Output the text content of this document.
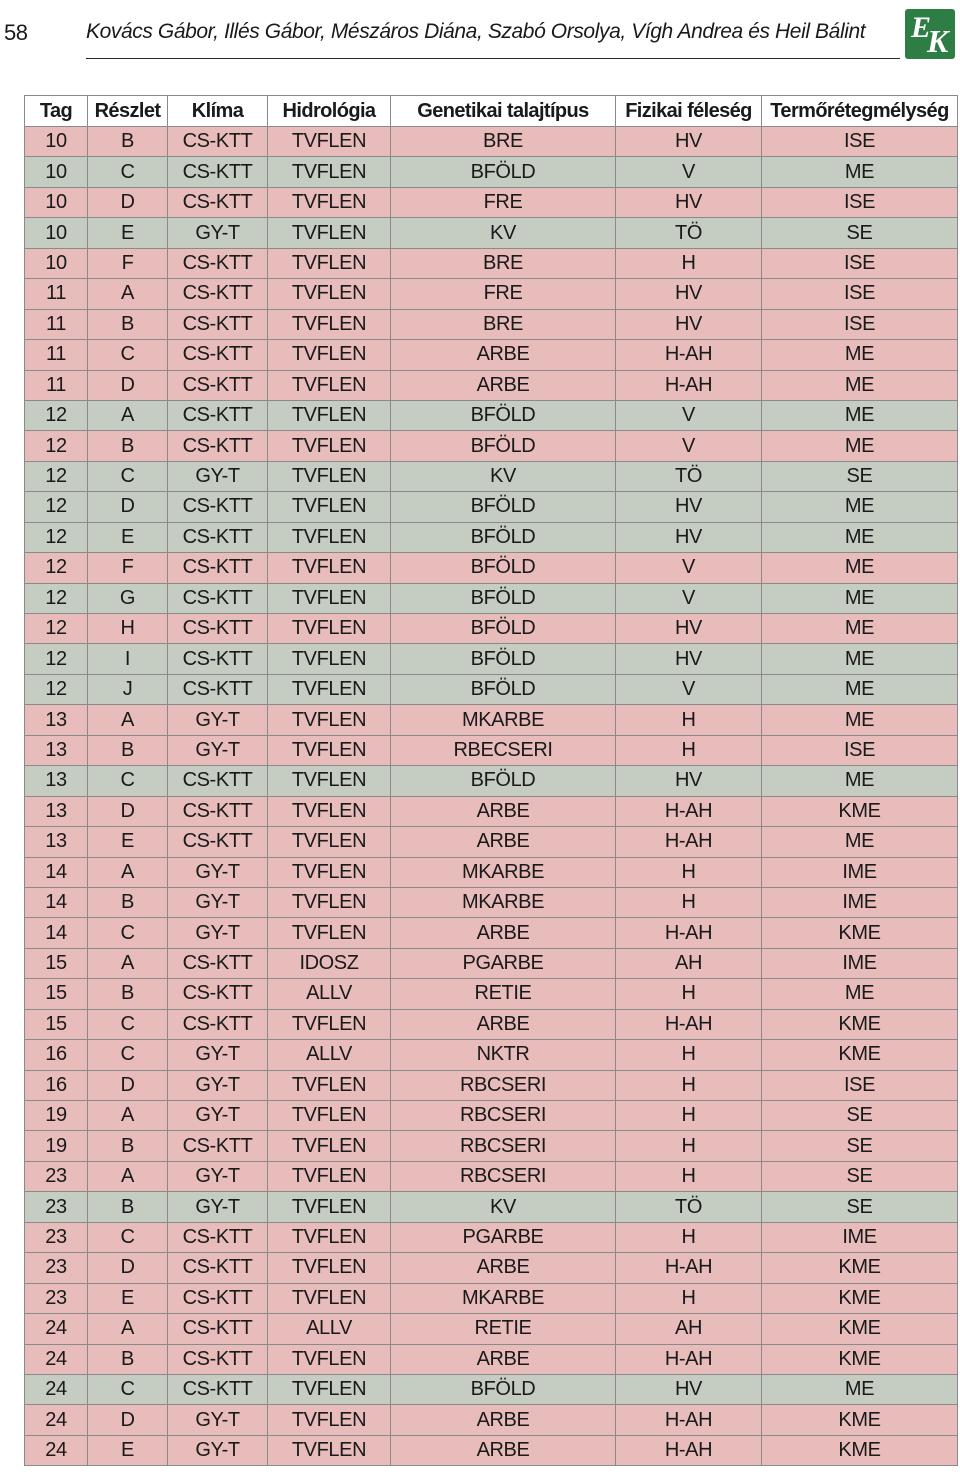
58	Kovács Gábor, Illés Gábor, Mészáros Diána, Szabó Orsolya, Vígh Andrea és Heil Bálint E
K
Tag	Részlet	Klíma	Hidrológia	Genetikai talajtípus	Fizikai féleség	Termőrétegmélység
10	B	CS-KTT	TVFLEN	BRE	HV	ISE
10	C	CS-KTT	TVFLEN	BFÖLD	V	ME
10	D	CS-KTT	TVFLEN	FRE	HV	ISE
10	E	GY-T	TVFLEN	KV	TÖ	SE
10	F	CS-KTT	TVFLEN	BRE	H	ISE
11	A	CS-KTT	TVFLEN	FRE	HV	ISE
11	B	CS-KTT	TVFLEN	BRE	HV	ISE
11	C	CS-KTT	TVFLEN	ARBE	H-AH	ME
11	D	CS-KTT	TVFLEN	ARBE	H-AH	ME
12	A	CS-KTT	TVFLEN	BFÖLD	V	ME
12	B	CS-KTT	TVFLEN	BFÖLD	V	ME
12	C	GY-T	TVFLEN	KV	TÖ	SE
12	D	CS-KTT	TVFLEN	BFÖLD	HV	ME
12	E	CS-KTT	TVFLEN	BFÖLD	HV	ME
12	F	CS-KTT	TVFLEN	BFÖLD	V	ME
12	G	CS-KTT	TVFLEN	BFÖLD	V	ME
12	H	CS-KTT	TVFLEN	BFÖLD	HV	ME
12	I	CS-KTT	TVFLEN	BFÖLD	HV	ME
12	J	CS-KTT	TVFLEN	BFÖLD	V	ME
13	A	GY-T	TVFLEN	MKARBE	H	ME
13	B	GY-T	TVFLEN	RBECSERI	H	ISE
13	C	CS-KTT	TVFLEN	BFÖLD	HV	ME
13	D	CS-KTT	TVFLEN	ARBE	H-AH	KME
13	E	CS-KTT	TVFLEN	ARBE	H-AH	ME
14	A	GY-T	TVFLEN	MKARBE	H	IME
14	B	GY-T	TVFLEN	MKARBE	H	IME
14	C	GY-T	TVFLEN	ARBE	H-AH	KME
15	A	CS-KTT	IDOSZ	PGARBE	AH	IME
15	B	CS-KTT	ALLV	RETIE	H	ME
15	C	CS-KTT	TVFLEN	ARBE	H-AH	KME
16	C	GY-T	ALLV	NKTR	H	KME
16	D	GY-T	TVFLEN	RBCSERI	H	ISE
19	A	GY-T	TVFLEN	RBCSERI	H	SE
19	B	CS-KTT	TVFLEN	RBCSERI	H	SE
23	A	GY-T	TVFLEN	RBCSERI	H	SE
23	B	GY-T	TVFLEN	KV	TÖ	SE
23	C	CS-KTT	TVFLEN	PGARBE	H	IME
23	D	CS-KTT	TVFLEN	ARBE	H-AH	KME
23	E	CS-KTT	TVFLEN	MKARBE	H	KME
24	A	CS-KTT	ALLV	RETIE	AH	KME
24	B	CS-KTT	TVFLEN	ARBE	H-AH	KME
24	C	CS-KTT	TVFLEN	BFÖLD	HV	ME
24	D	GY-T	TVFLEN	ARBE	H-AH	KME
24	E	GY-T	TVFLEN	ARBE	H-AH	KME
